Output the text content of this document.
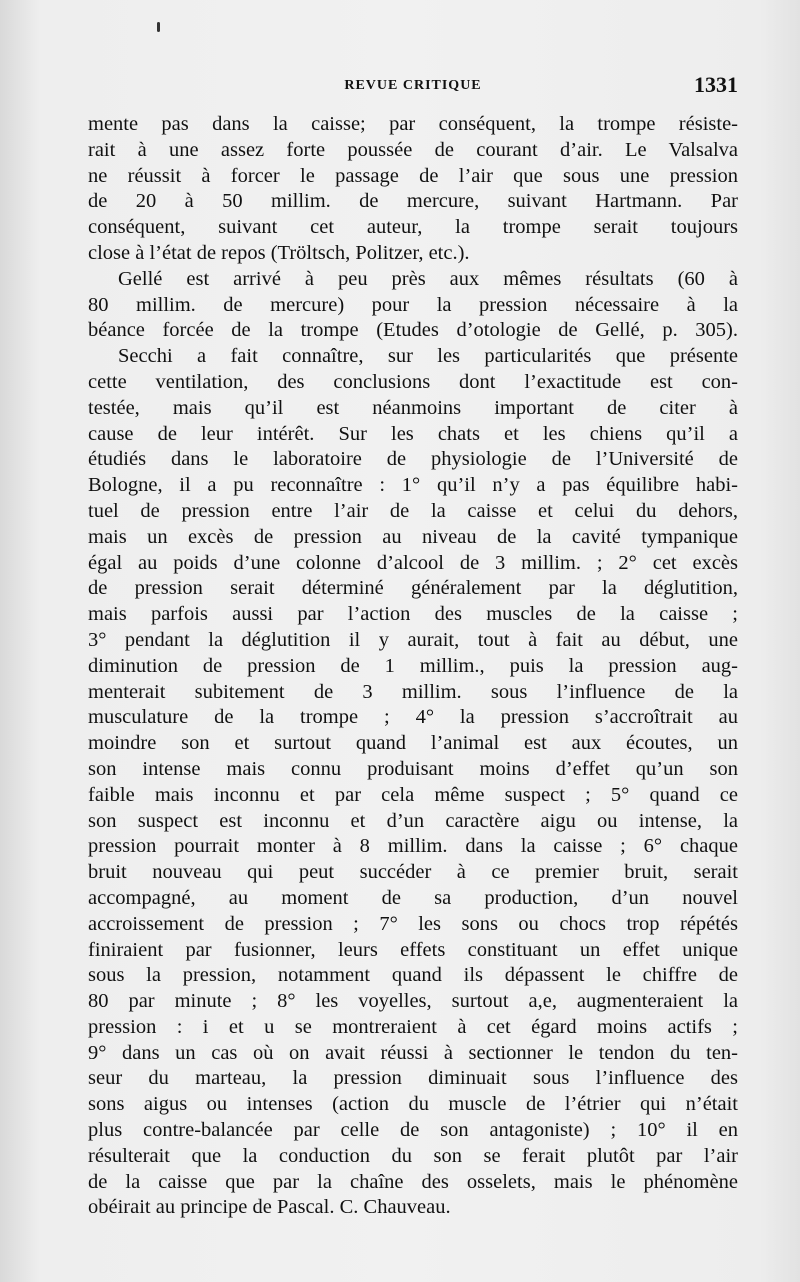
REVUE CRITIQUE	1331
mente pas dans la caisse; par conséquent, la trompe résiste-
rait à une assez forte poussée de courant d’air. Le Valsalva
ne réussit à forcer le passage de l’air que sous une pression
de 20 à 50 millim. de mercure, suivant Hartmann. Par
conséquent, suivant cet auteur, la trompe serait toujours
close à l’état de repos (Tröltsch, Politzer, etc.).
Gellé est arrivé à peu près aux mêmes résultats (60 à
80 millim. de mercure) pour la pression nécessaire à la
béance forcée de la trompe (Etudes d’otologie de Gellé, p. 305).
Secchi a fait connaître, sur les particularités que présente
cette ventilation, des conclusions dont l’exactitude est con-
testée, mais qu’il est néanmoins important de citer à
cause de leur intérêt. Sur les chats et les chiens qu’il a
étudiés dans le laboratoire de physiologie de l’Université de
Bologne, il a pu reconnaître : 1° qu’il n’y a pas équilibre habi-
tuel de pression entre l’air de la caisse et celui du dehors,
mais un excès de pression au niveau de la cavité tympanique
égal au poids d’une colonne d’alcool de 3 millim. ; 2° cet excès
de pression serait déterminé généralement par la déglutition,
mais parfois aussi par l’action des muscles de la caisse ;
3° pendant la déglutition il y aurait, tout à fait au début, une
diminution de pression de 1 millim., puis la pression aug-
menterait subitement de 3 millim. sous l’influence de la
musculature de la trompe ; 4° la pression s’accroîtrait au
moindre son et surtout quand l’animal est aux écoutes, un
son intense mais connu produisant moins d’effet qu’un son
faible mais inconnu et par cela même suspect ; 5° quand ce
son suspect est inconnu et d’un caractère aigu ou intense, la
pression pourrait monter à 8 millim. dans la caisse ; 6° chaque
bruit nouveau qui peut succéder à ce premier bruit, serait
accompagné, au moment de sa production, d’un nouvel
accroissement de pression ; 7° les sons ou chocs trop répétés
finiraient par fusionner, leurs effets constituant un effet unique
sous la pression, notamment quand ils dépassent le chiffre de
80 par minute ; 8° les voyelles, surtout a,e, augmenteraient la
pression : i et u se montreraient à cet égard moins actifs ;
9° dans un cas où on avait réussi à sectionner le tendon du ten-
seur du marteau, la pression diminuait sous l’influence des
sons aigus ou intenses (action du muscle de l’étrier qui n’était
plus contre-balancée par celle de son antagoniste) ; 10° il en
résulterait que la conduction du son se ferait plutôt par l’air
de la caisse que par la chaîne des osselets, mais le phénomène
obéirait au principe de Pascal. C. Chauveau.
